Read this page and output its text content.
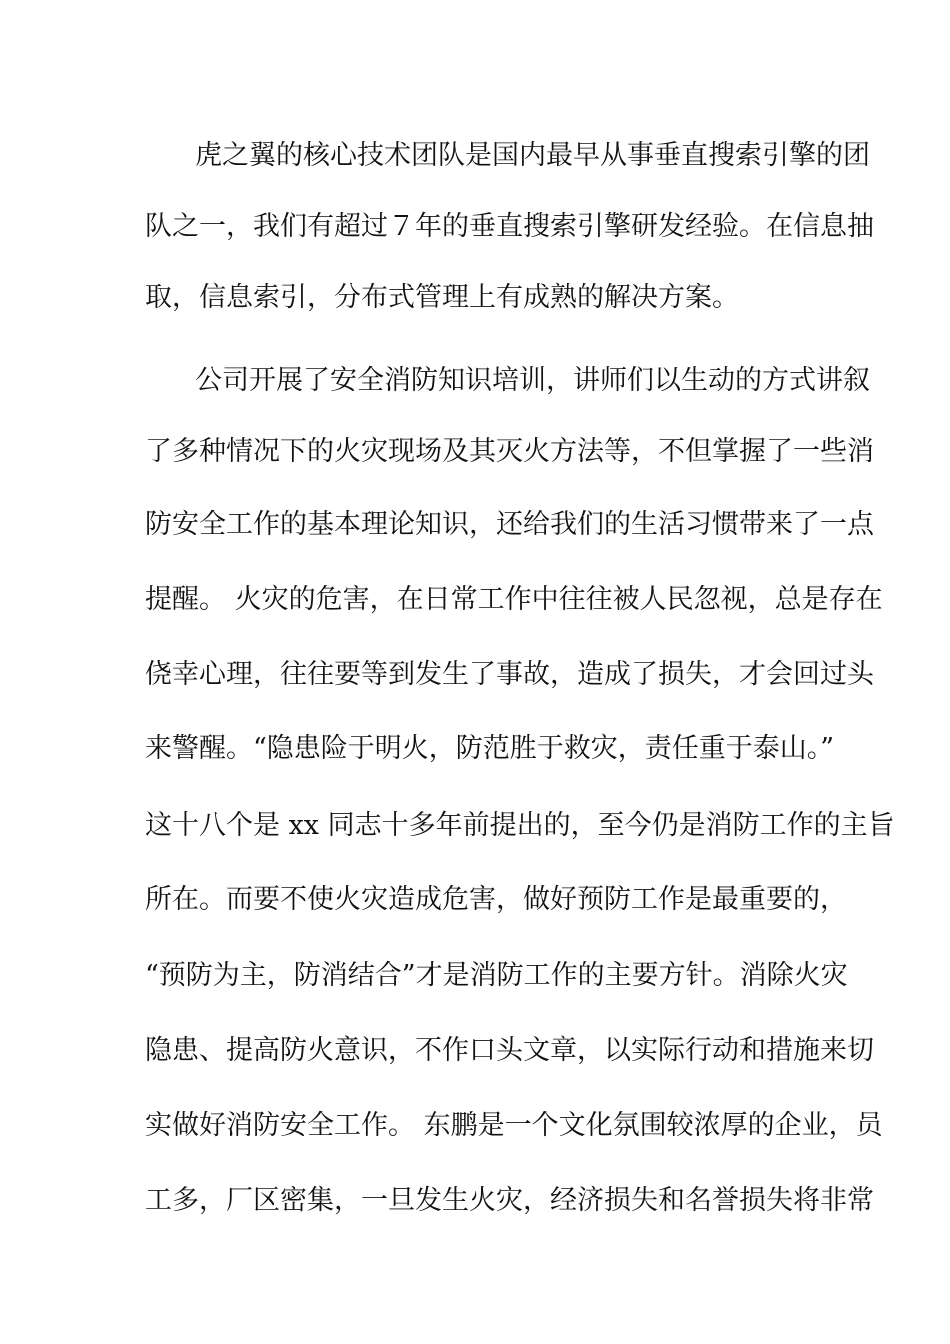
虎之翼的核心技术团队是国内最早从事垂直搜索引擎的团
队之一，我们有超过７年的垂直搜索引擎研发经验。在信息抽
取，信息索引，分布式管理上有成熟的解决方案。
公司开展了安全消防知识培训，讲师们以生动的方式讲叙
了多种情况下的火灾现场及其灭火方法等，不但掌握了一些消
防安全工作的基本理论知识，还给我们的生活习惯带来了一点
提醒。 火灾的危害，在日常工作中往往被人民忽视，总是存在
侥幸心理，往往要等到发生了事故，造成了损失，才会回过头
来警醒。“隐患险于明火，防范胜于救灾，责任重于泰山。”
这十八个是 xx 同志十多年前提出的，至今仍是消防工作的主旨
所在。而要不使火灾造成危害，做好预防工作是最重要的，
“预防为主，防消结合”才是消防工作的主要方针。消除火灾
隐患、提高防火意识，不作口头文章，以实际行动和措施来切
实做好消防安全工作。 东鹏是一个文化氛围较浓厚的企业，员
工多，厂区密集，一旦发生火灾，经济损失和名誉损失将非常
